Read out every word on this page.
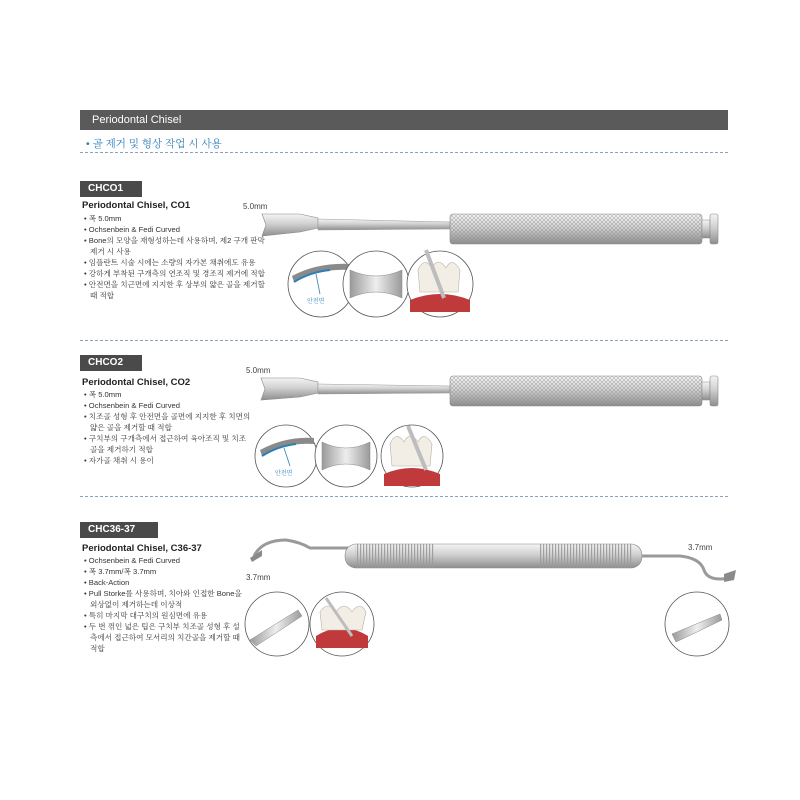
Periodontal Chisel
• 골 제거 및 형상 작업 시 사용
CHCO1
Periodontal Chisel, CO1
• 폭 5.0mm
• Ochsenbein & Fedi Curved
• Bone의 모양을 재형성하는데 사용하며, 제2 구개 판막 제거 시 사용
• 임플란트 시술 시에는 소량의 자가본 채취에도 유용
• 강하게 부착된 구개측의 연조직 및 경조직 제거에 적합
• 안전면을 치근면에 지지한 후 상부의 얇은 골을 제거할 때 적합
5.0mm
CHCO2
Periodontal Chisel, CO2
• 폭 5.0mm
• Ochsenbein & Fedi Curved
• 치조골 성형 후 안전면을 골면에 지지한 후 치면의 얇은 골을 제거할 때 적합
• 구치부의 구개측에서 접근하여 육아조직 및 치조골을 제거하기 적합
• 자가골 채취 시 용이
5.0mm
CHC36-37
Periodontal Chisel, C36-37
• Ochsenbein & Fedi Curved
• 폭 3.7mm/폭 3.7mm
• Back-Action
• Pull Storke를 사용하며, 치아와 인접한 Bone을 외상없이 제거하는데 이상적
• 특히 마지막 대구치의 원심면에 유용
• 두 번 꺾인 넓은 팁은 구치부 치조골 성형 후 설측에서 접근하여 모서리의 치간골을 제거할 때 적합
3.7mm
3.7mm
안전면
안전면
